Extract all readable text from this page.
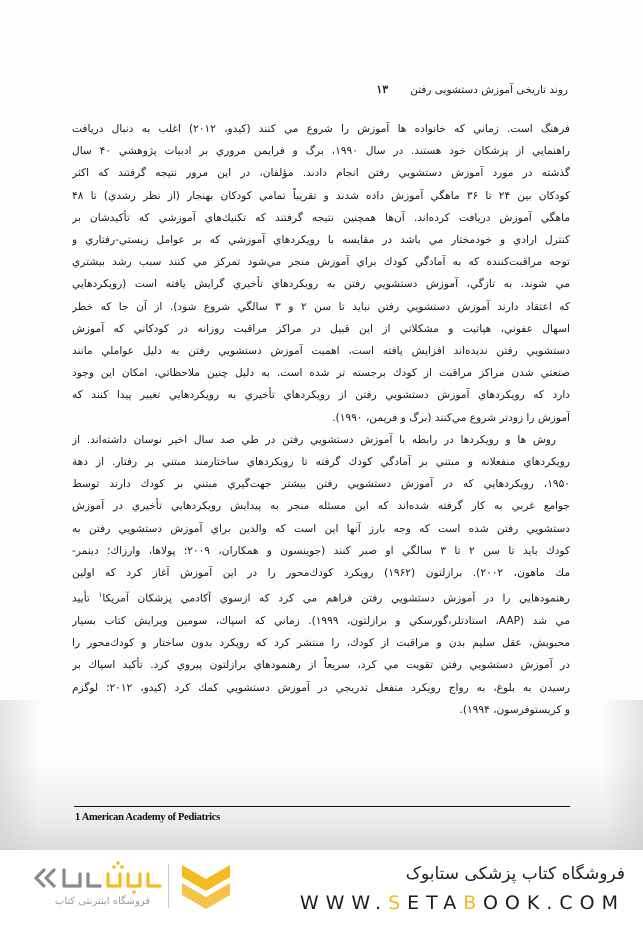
روند تاریخی آموزش دستشویی رفتن
۱۳
فرهنگ است. زماني كه خانواده ها آموزش را شروع مي كنند (كيدو، ۲۰۱۲) اغلب به دنبال دريافت
راهنمايي از پزشكان خود هستند. در سال ۱۹۹۰، برگ و فرايمن مروري بر ادبيات پژوهشي ۴۰ سال
گذشته در مورد آموزش دستشويي رفتن انجام دادند. مؤلفان، در اين مرور نتيجه گرفتند كه اكثر
كودكان بين ۲۴ تا ۳۶ ماهگي آموزش داده شدند و تقريباً تمامي كودكان بهنجار (از نظر رشدي) تا ۴۸
ماهگي آموزش دريافت كرده‌اند. آن‌ها همچنين نتيجه گرفتند كه تكنيك‌هاي آموزشي كه تأكيدشان بر
كنترل ارادي و خودمختار مي باشد در مقايسه با رويكردهاي آموزشي كه بر عوامل زيستي-رفتاري و
توجه مراقبت‌كننده كه به آمادگي كودك براي آموزش منجر مي‌شود تمركز مي كنند سبب رشد بيشتري
مي شوند. به تازگي، آموزش دستشويي رفتن به رويكردهاي تأخيري گرايش يافته است (رويكردهايي
كه اعتقاد دارند آموزش دستشويي رفتن نبايد تا سن ۲ و ۳ سالگي شروع شود). از آن جا كه خطر
اسهال عفوني، هپاتيت و مشكلاتي از اين قبيل در مراكز مراقبت روزانه در كودكاني كه آموزش
دستشويي رفتن نديده‌اند افزايش يافته است، اهميت آموزش دستشويي رفتن به دليل عواملي مانند
صنعتي شدن مراكز مراقبت از كودك برجسته تر شده است. به دليل چنين ملاحظاتي، امكان اين وجود
دارد كه رويكردهاي آموزش دستشويي رفتن از رويكردهاي تأخيري به رويكردهايي تغيير پيدا كنند كه
آموزش را زودتر شروع مي‌كنند (برگ و فريمن، ۱۹۹۰).
روش ها و رويكردها در رابطه با آموزش دستشويي رفتن در طي صد سال اخير نوسان داشته‌اند. از
رويكردهاي منفعلانه و مبتني بر آمادگي كودك گرفته تا رويكردهاي ساختارمند مبتني بر رفتار. از دهة
۱۹۵۰، رويكردهايي كه در آموزش دستشويي رفتن بيشتر جهت‌گيري مبتني بر كودك دارند توسط
جوامع غربي به كار گرفته شده‌اند كه اين مسئله منجر به پيدايش رويكردهايي تأخيري در آموزش
دستشويي رفتن شده است كه وجه بارز آنها اين است كه والدين براي آموزش دستشويي رفتن به
كودك بايد تا سن ۲ تا ۳ سالگي او صبر كنند (جوينسون و همكاران، ۲۰۰۹؛ پولاها، وارزاك؛ دينمر-
مك ماهون، ۲۰۰۲). برازلتون (۱۹۶۲) رويكرد كودك‌محور را در اين آموزش آغاز كرد كه اولين
رهنمودهايي را در آموزش دستشويي رفتن فراهم مي كرد كه ازسوي آكادمي پزشكان آمريكا$^۱$ تأييد
مي شد (AAP، استادتلر،گورسكي و برازلتون، ۱۹۹۹). زماني كه اسپاك، سومين ويرايش كتاب بسيار
محبوبش، عقل سليم بدن و مراقبت از كودك، را منتشر كرد كه رويكرد بدون ساختار و كودك‌محور را
در آموزش دستشويي رفتن تقويت مي كرد، سريعاً از رهنمودهاي برازلتون پيروي كرد. تأكيد اسپاك بر
رسيدن به بلوغ، به رواج رويكرد منفعل تدريجي در آموزش دستشويي كمك كرد (كيدو، ۲۰۱۲؛ لوگزم
و كريستوفرسون، ۱۹۹۴).
1 American Academy of Pediatrics
فروشگاه اینترنتی کتاب
فروشگاه کتاب پزشکی ستابوک
WWW.SETABOOK.COM
